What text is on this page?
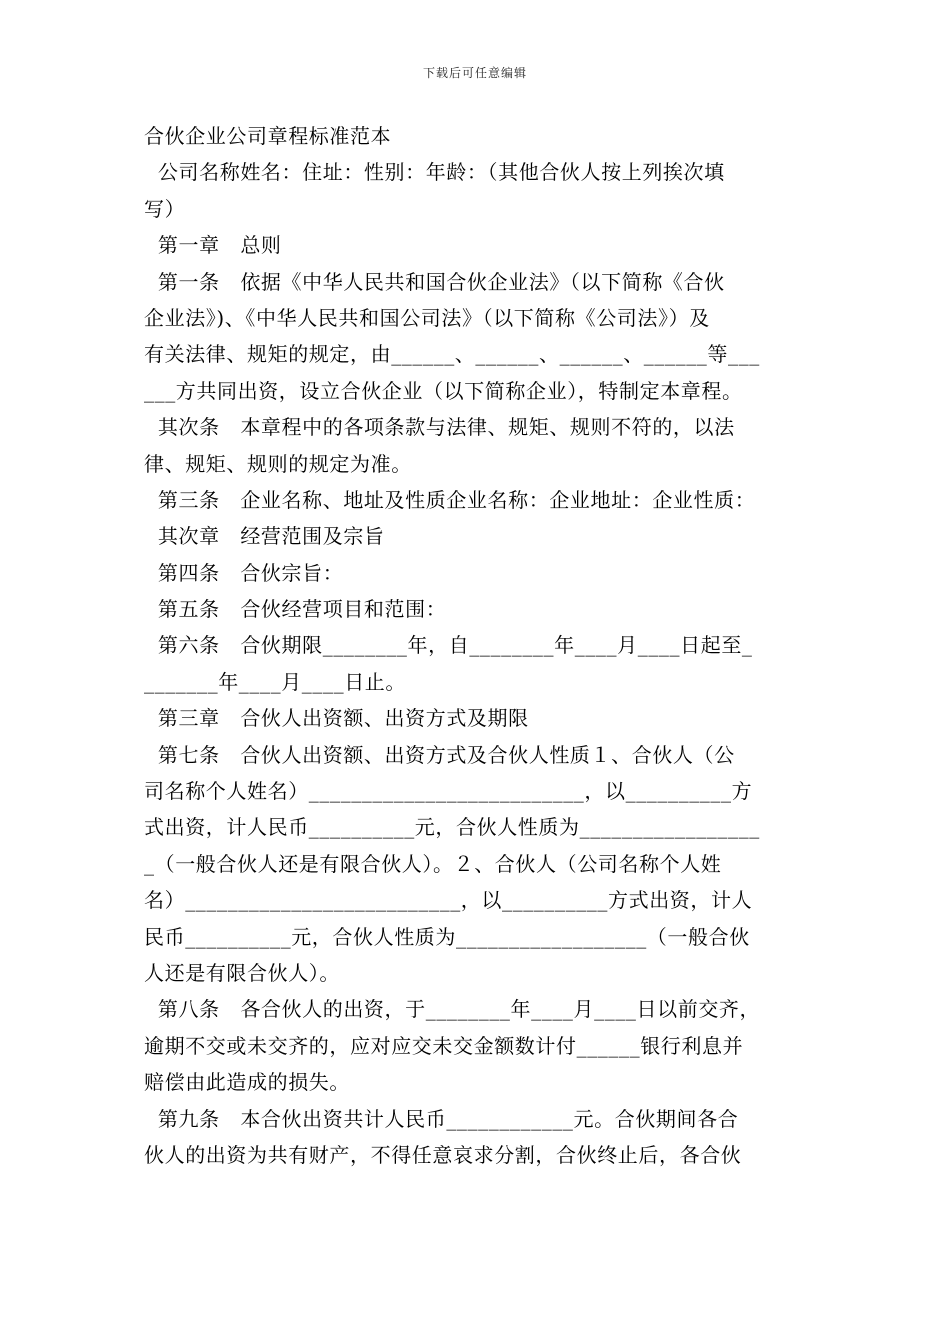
下载后可任意编辑
合伙企业公司章程标准范本
公司名称姓名：住址：性别：年龄：（其他合伙人按上列挨次填
写）
第一章　总则
第一条　依据《中华人民共和国合伙企业法》（以下简称《合伙
企业法》)、《中华人民共和国公司法》（以下简称《公司法》）及
有关法律、规矩的规定，由______、______、______、______等___
___方共同出资，设立合伙企业（以下简称企业），特制定本章程。
其次条　本章程中的各项条款与法律、规矩、规则不符的，以法
律、规矩、规则的规定为准。
第三条　企业名称、地址及性质企业名称：企业地址：企业性质：
其次章　经营范围及宗旨
第四条　合伙宗旨：
第五条　合伙经营项目和范围：
第六条　合伙期限________年，自________年____月____日起至_
_______年____月____日止。
第三章　合伙人出资额、出资方式及期限
第七条　合伙人出资额、出资方式及合伙人性质１、合伙人（公
司名称个人姓名）__________________________，以__________方
式出资，计人民币__________元，合伙人性质为_________________
_（一般合伙人还是有限合伙人）。２、合伙人（公司名称个人姓
名）__________________________，以__________方式出资，计人
民币__________元，合伙人性质为__________________（一般合伙
人还是有限合伙人）。
第八条　各合伙人的出资，于________年____月____日以前交齐，
逾期不交或未交齐的，应对应交未交金额数计付______银行利息并
赔偿由此造成的损失。
第九条　本合伙出资共计人民币____________元。合伙期间各合
伙人的出资为共有财产，不得任意哀求分割，合伙终止后，各合伙
